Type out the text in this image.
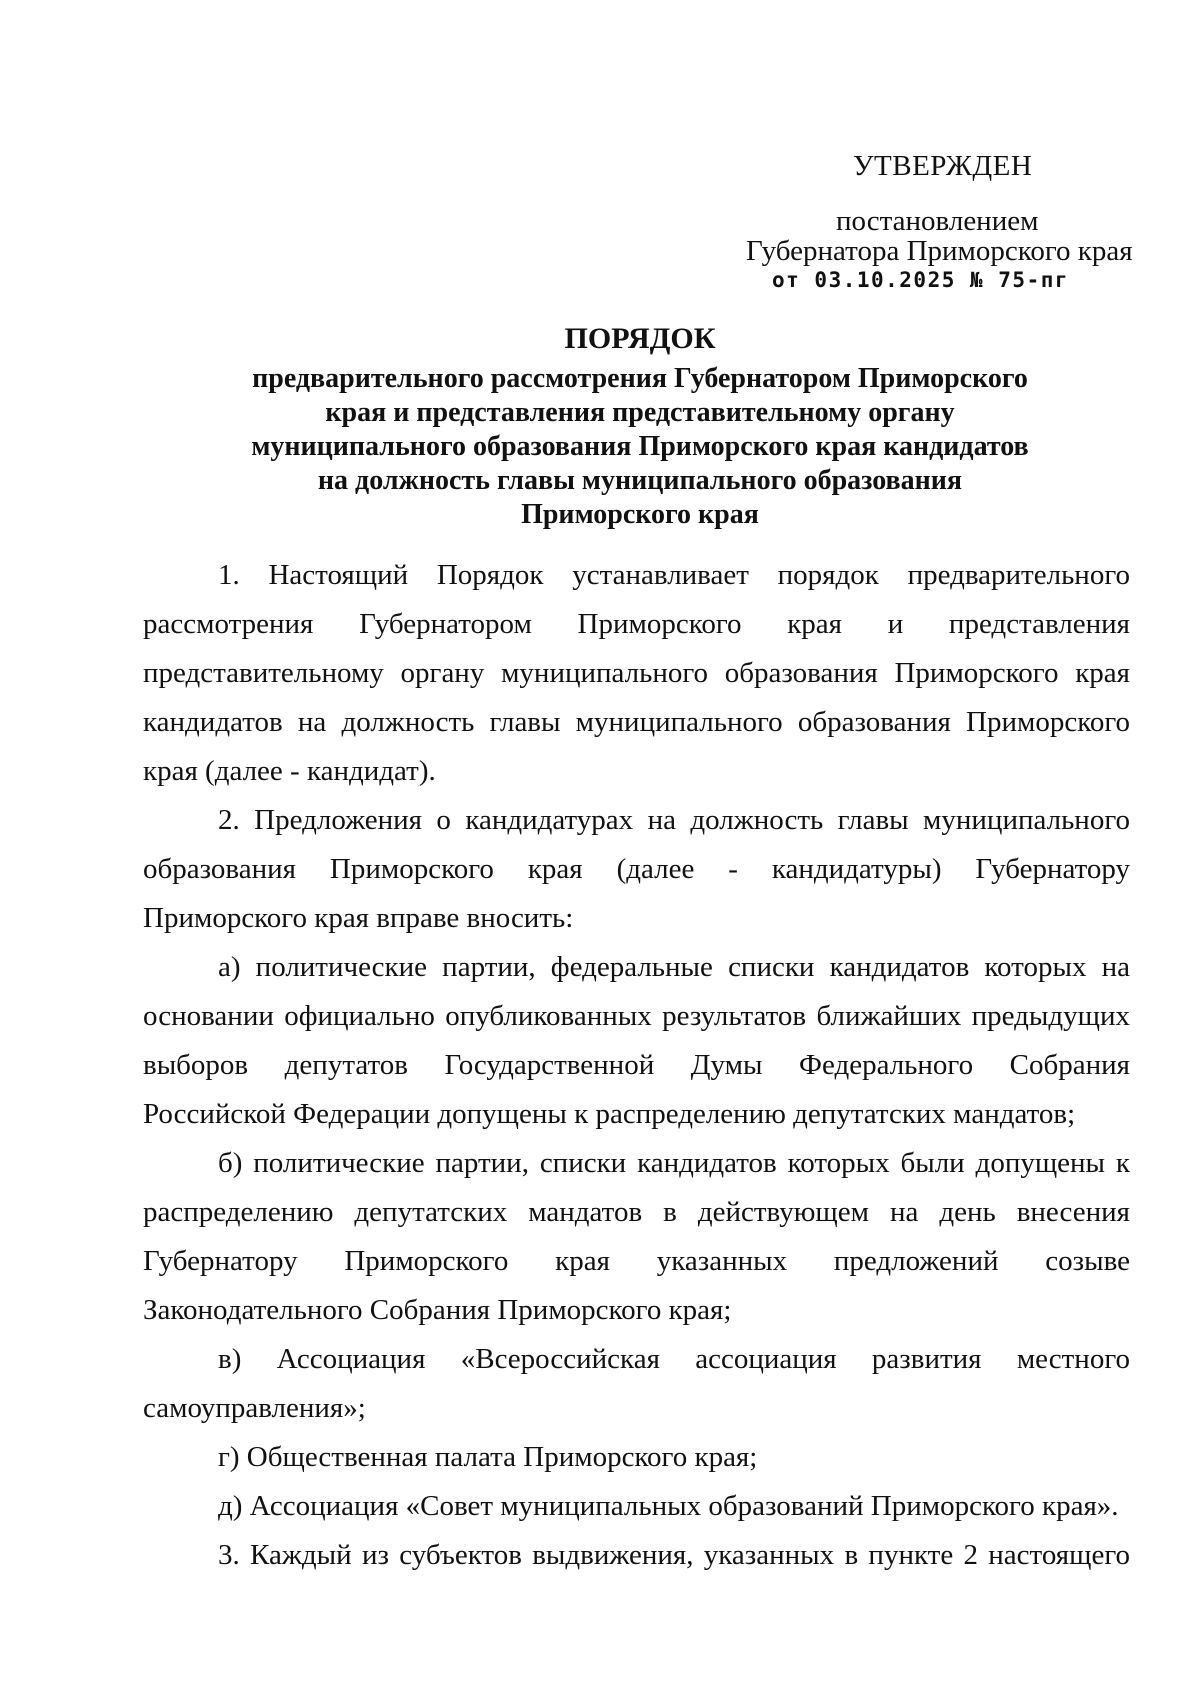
УТВЕРЖДЕН
постановлением
Губернатора Приморского края
от 03.10.2025 № 75-пг
ПОРЯДОК
предварительного рассмотрения Губернатором Приморского
края и представления представительному органу
муниципального образования Приморского края кандидатов
на должность главы муниципального образования
Приморского края

1. Настоящий Порядок устанавливает порядок предварительного рассмотрения Губернатором Приморского края и представления представительному органу муниципального образования Приморского края кандидатов на должность главы муниципального образования Приморского края (далее - кандидат).

2. Предложения о кандидатурах на должность главы муниципального образования Приморского края (далее - кандидатуры) Губернатору Приморского края вправе вносить:

а) политические партии, федеральные списки кандидатов которых на основании официально опубликованных результатов ближайших предыдущих выборов депутатов Государственной Думы Федерального Собрания Российской Федерации допущены к распределению депутатских мандатов;

б) политические партии, списки кандидатов которых были допущены к распределению депутатских мандатов в действующем на день внесения Губернатору Приморского края указанных предложений созыве Законодательного Собрания Приморского края;

в) Ассоциация «Всероссийская ассоциация развития местного самоуправления»;

г) Общественная палата Приморского края;

д) Ассоциация «Совет муниципальных образований Приморского края».

3. Каждый из субъектов выдвижения, указанных в пункте 2 настоящего
